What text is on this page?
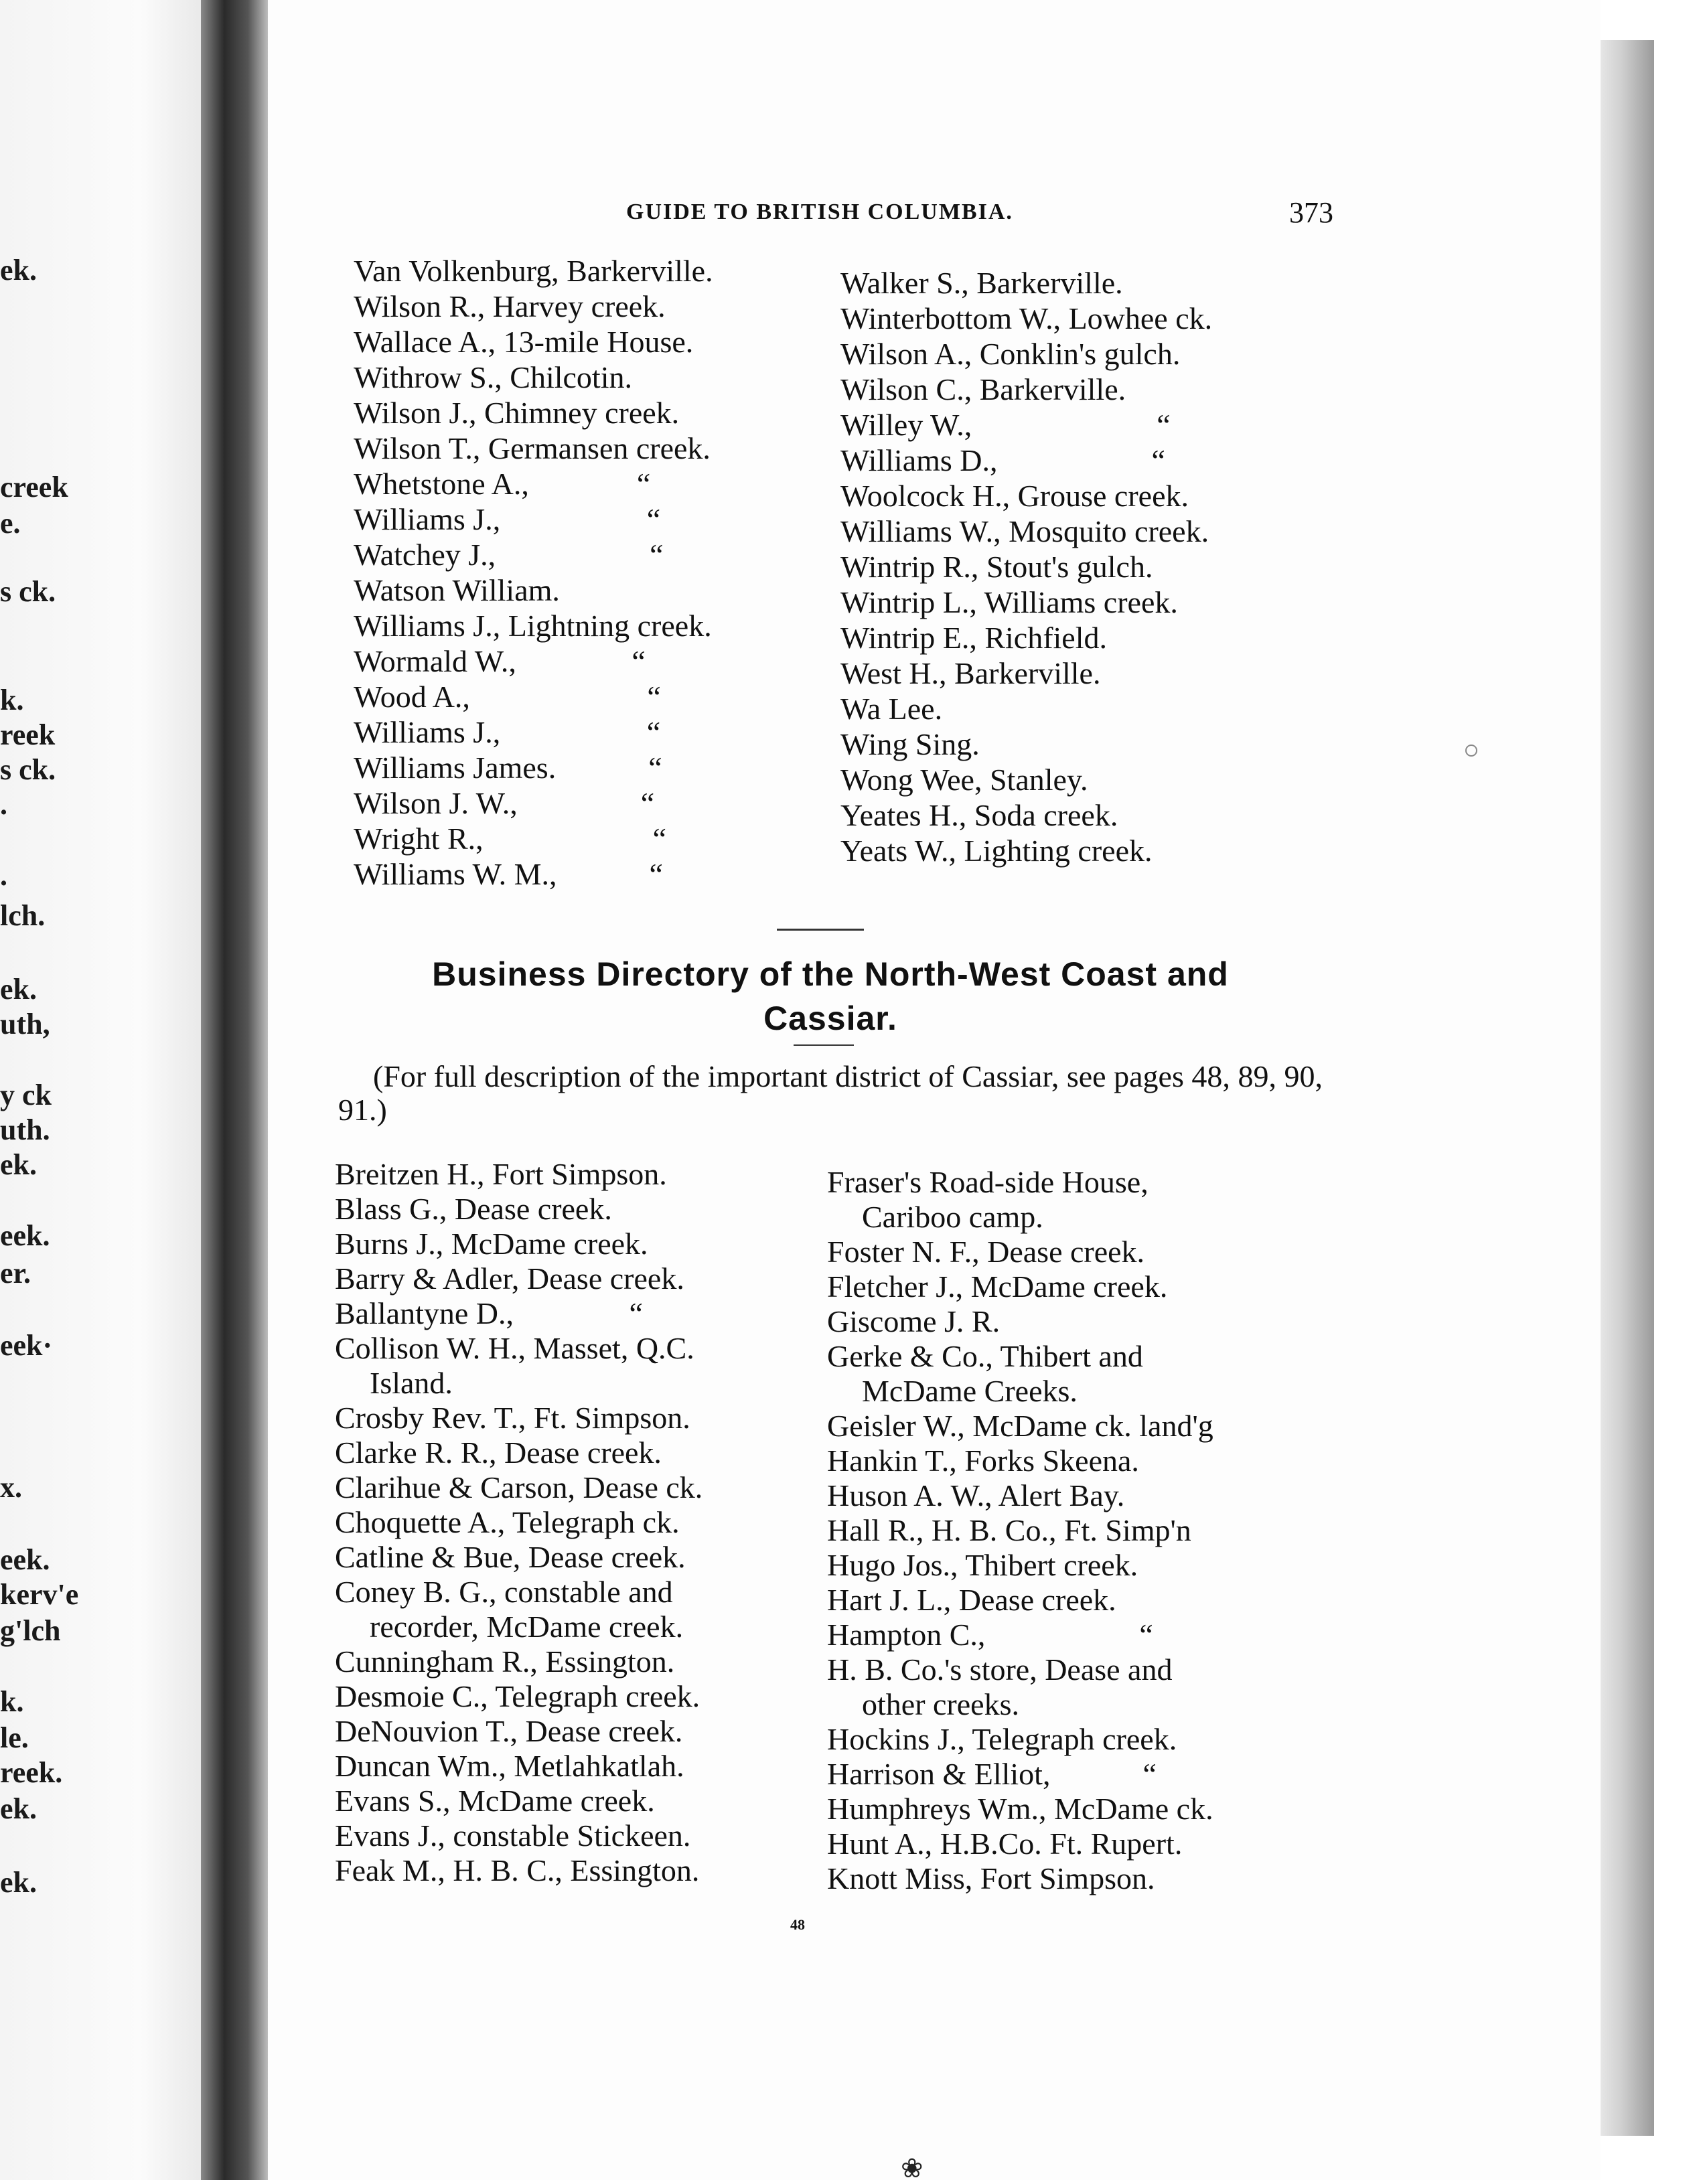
ek.
creek
e.
s ck.
k.
reek
s ck.
.
.
lch.
ek.
uth,
y ck
uth.
ek.
eek.
er.
eek·
x.
eek.
kerv'e
g'lch
k.
le.
reek.
ek.
ek.
GUIDE TO BRITISH COLUMBIA.	373
Van Volkenburg, Barkerville.
Wilson R., Harvey creek.
Wallace A., 13-mile House.
Withrow S., Chilcotin.
Wilson J., Chimney creek.
Wilson T., Germansen creek.
Whetstone A.,              “
Williams J.,                   “
Watchey J.,                    “
Watson William.
Williams J., Lightning creek.
Wormald W.,               “
Wood A.,                       “
Williams J.,                   “
Williams James.            “
Wilson J. W.,                “
Wright R.,                      “
Williams W. M.,            “
Walker S., Barkerville.
Winterbottom W., Lowhee ck.
Wilson A., Conklin's gulch.
Wilson C., Barkerville.
Willey W.,                        “
Williams D.,                    “
Woolcock H., Grouse creek.
Williams W., Mosquito creek.
Wintrip R., Stout's gulch.
Wintrip L., Williams creek.
Wintrip E., Richfield.
West H., Barkerville.
Wa Lee.
Wing Sing.
Wong Wee, Stanley.
Yeates H., Soda creek.
Yeats W., Lighting creek.
Business Directory of the North-West Coast and
Cassiar.
(For full description of the important district of Cassiar, see pages 48, 89, 90, 91.)
Breitzen H., Fort Simpson.
Blass G., Dease creek.
Burns J., McDame creek.
Barry & Adler, Dease creek.
Ballantyne D.,               “
Collison W. H., Masset, Q.C.
Island.
Crosby Rev. T., Ft. Simpson.
Clarke R. R., Dease creek.
Clarihue & Carson, Dease ck.
Choquette A., Telegraph ck.
Catline & Bue, Dease creek.
Coney B. G., constable and
recorder, McDame creek.
Cunningham R., Essington.
Desmoie C., Telegraph creek.
DeNouvion T., Dease creek.
Duncan Wm., Metlahkatlah.
Evans S., McDame creek.
Evans J., constable Stickeen.
Feak M., H. B. C., Essington.
Fraser's Road-side House,
Cariboo camp.
Foster N. F., Dease creek.
Fletcher J., McDame creek.
Giscome J. R.
Gerke & Co., Thibert and
McDame Creeks.
Geisler W., McDame ck. land'g
Hankin T., Forks Skeena.
Huson A. W., Alert Bay.
Hall R., H. B. Co., Ft. Simp'n
Hugo Jos., Thibert creek.
Hart J. L., Dease creek.
Hampton C.,                    “
H. B. Co.'s store, Dease and
other creeks.
Hockins J., Telegraph creek.
Harrison & Elliot,            “
Humphreys Wm., McDame ck.
Hunt A., H.B.Co. Ft. Rupert.
Knott Miss, Fort Simpson.
48
❀
